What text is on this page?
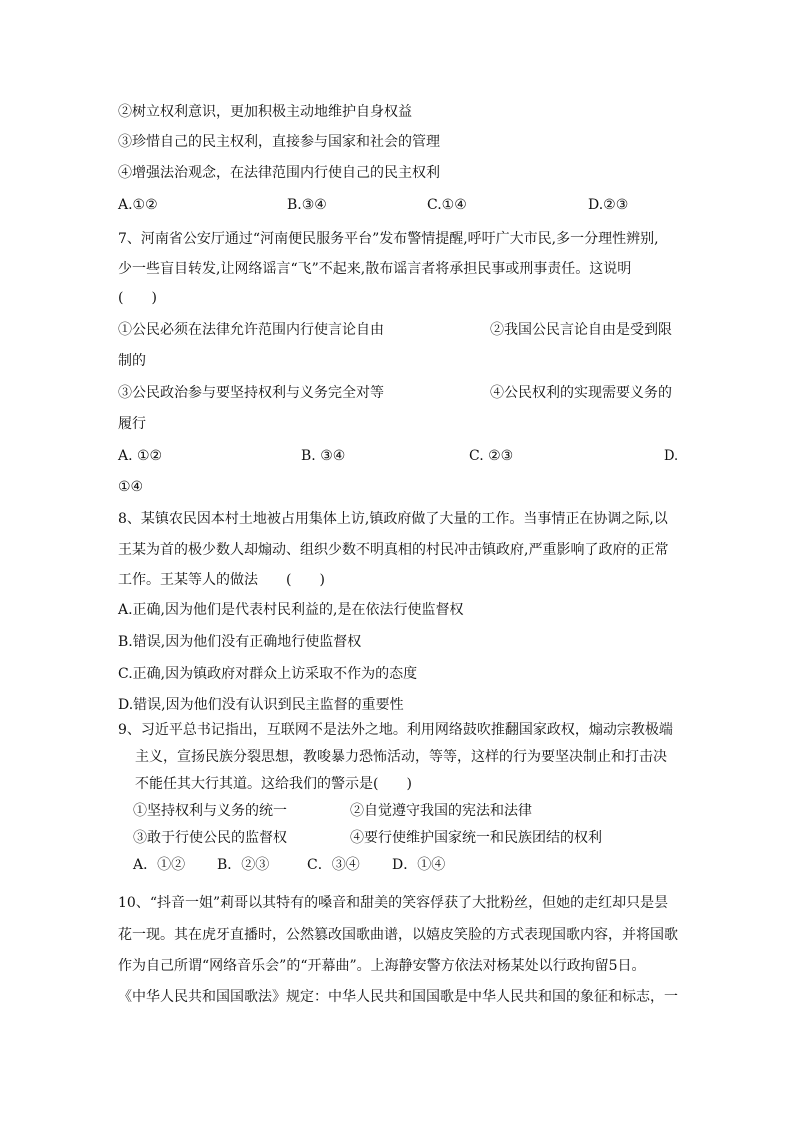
②树立权利意识，更加积极主动地维护自身权益
③珍惜自己的民主权利，直接参与国家和社会的管理
④增强法治观念，在法律范围内行使自己的民主权利
A.①②	B.③④	C.①④	D.②③
7、河南省公安厅通过“河南便民服务平台”发布警情提醒,呼吁广大市民,多一分理性辨别,
少一些盲目转发,让网络谣言“飞”不起来,散布谣言者将承担民事或刑事责任。这说明
(　　)
①公民必须在法律允许范围内行使言论自由	②我国公民言论自由是受到限
制的
③公民政治参与要坚持权利与义务完全对等	④公民权利的实现需要义务的
履行
A. ①②	B. ③④	C. ②③	D.
①④
8、某镇农民因本村土地被占用集体上访,镇政府做了大量的工作。当事情正在协调之际,以
王某为首的极少数人却煽动、组织少数不明真相的村民冲击镇政府,严重影响了政府的正常
工作。王某等人的做法　　(　　)
A.正确,因为他们是代表村民利益的,是在依法行使监督权
B.错误,因为他们没有正确地行使监督权
C.正确,因为镇政府对群众上访采取不作为的态度
D.错误,因为他们没有认识到民主监督的重要性
9、习近平总书记指出，互联网不是法外之地。利用网络鼓吹推翻国家政权，煽动宗教极端
主义，宣扬民族分裂思想，教唆暴力恐怖活动，等等，这样的行为要坚决制止和打击决
不能任其大行其道。这给我们的警示是(　　)
①坚持权利与义务的统一	②自觉遵守我国的宪法和法律
③敢于行使公民的监督权	④要行使维护国家统一和民族团结的权利
A．①② B．②③	C．③④ D．①④
10、“抖音一姐”莉哥以其特有的嗓音和甜美的笑容俘获了大批粉丝，但她的走红却只是昙
花一现。其在虎牙直播时，公然篡改国歌曲谱，以嬉皮笑脸的方式表现国歌内容，并将国歌
作为自己所谓“网络音乐会”的“开幕曲”。上海静安警方依法对杨某处以行政拘留5日。
《中华人民共和国国歌法》规定：中华人民共和国国歌是中华人民共和国的象征和标志，一
